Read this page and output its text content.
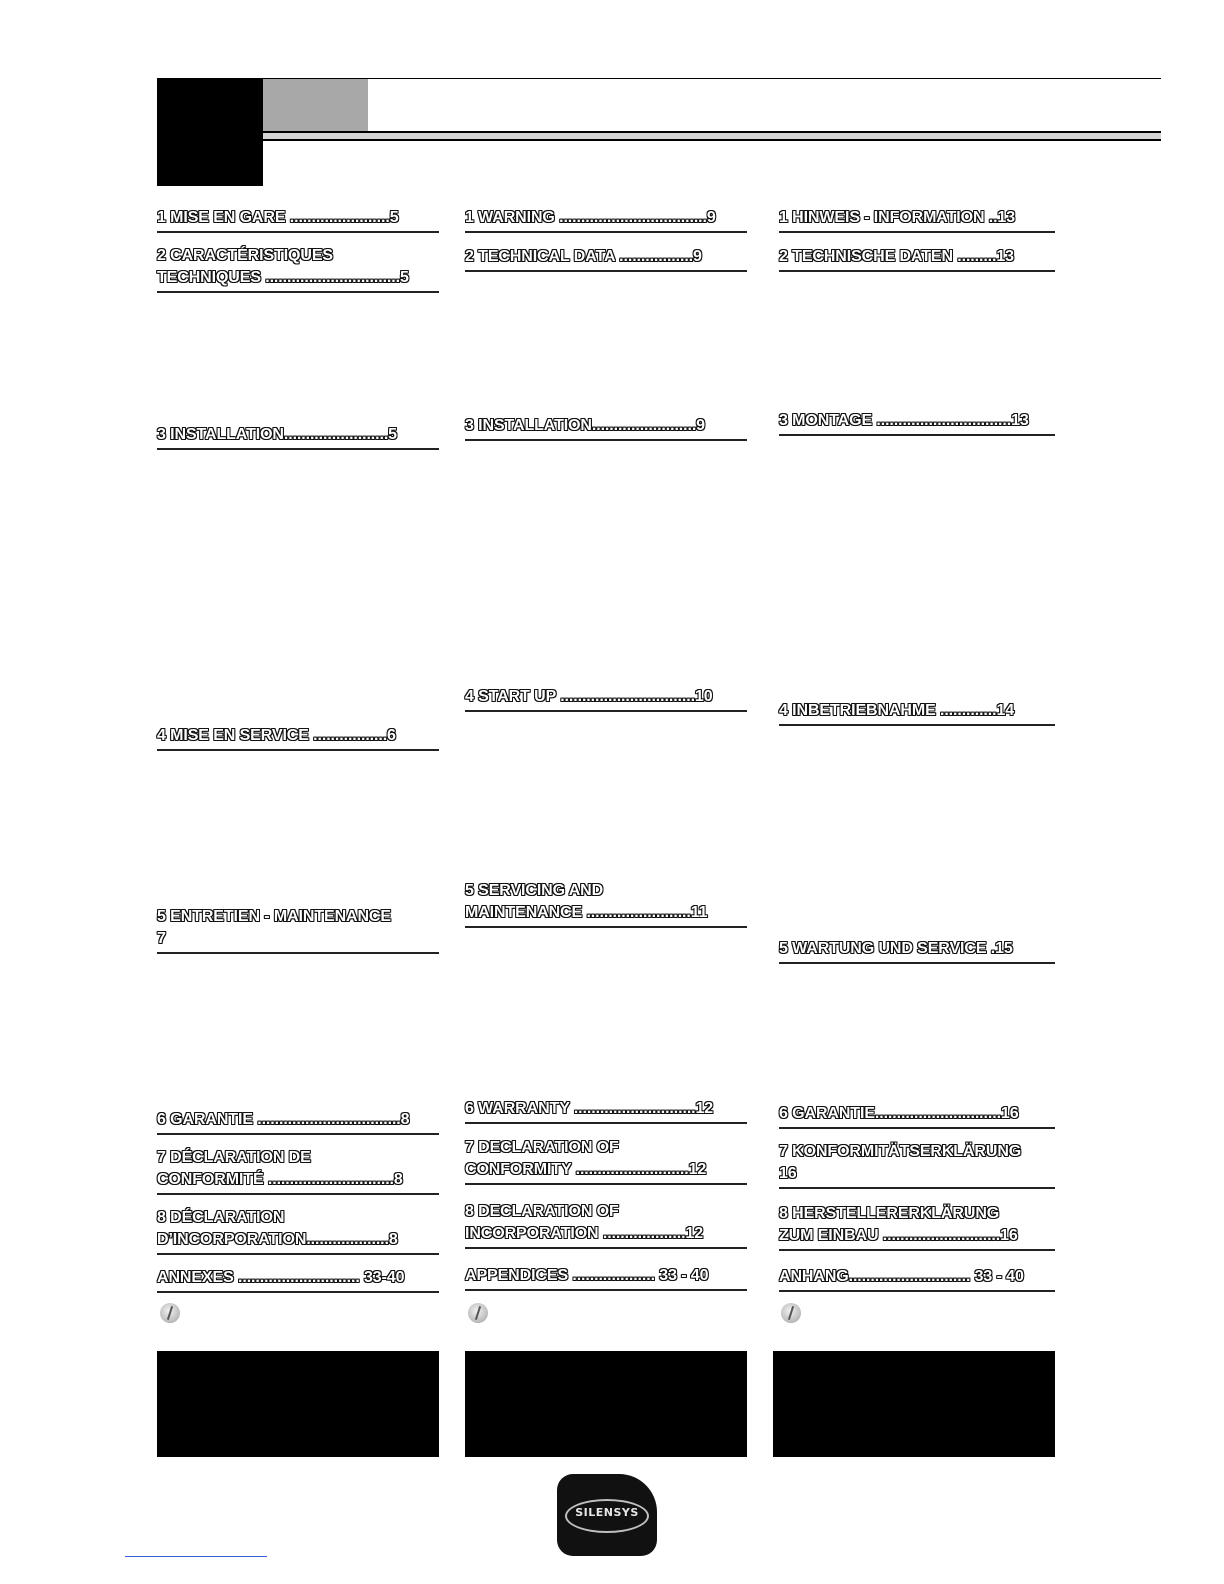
1 MISE EN GARE .......................5
2 CARACTÉRISTIQUES
TECHNIQUES ...............................5
3 INSTALLATION........................5
4 MISE EN SERVICE .................6
5 ENTRETIEN - MAINTENANCE
7
6 GARANTIE .................................8
7 DÉCLARATION DE
CONFORMITÉ .............................8
8 DÉCLARATION
D’INCORPORATION...................8
ANNEXES ............................ 33-40
1 WARNING ..................................9
2 TECHNICAL DATA .................9
3 INSTALLATION........................9
4 START UP ...............................10
5 SERVICING AND
MAINTENANCE ........................11
6 WARRANTY ............................12
7 DECLARATION OF
CONFORMITY ..........................12
8 DECLARATION OF
INCORPORATION ...................12
APPENDICES ................... 33 - 40
1 HINWEIS - INFORMATION ..13
2 TECHNISCHE DATEN .........13
3 MONTAGE ...............................13
4 INBETRIEBNAHME .............14
5 WARTUNG UND SERVICE .15
6 GARANTIE.............................16
7 KONFORMITÄTSERKLÄRUNG
16
8 HERSTELLERERKLÄRUNG
ZUM EINBAU ...........................16
ANHANG............................ 33 - 40
SILENSYS
